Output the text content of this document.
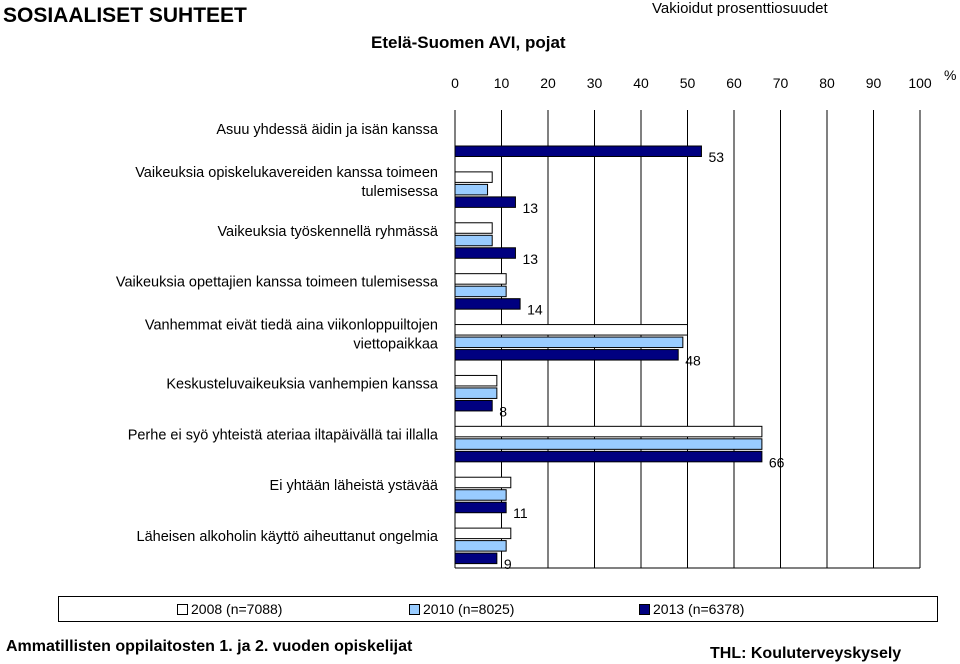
SOSIAALISET SUHTEET
Etelä-Suomen AVI, pojat
Vakioidut prosenttiosuudet
0 10 20 30 40 50 60 70 80 90 100 %
53
Asuu yhdessä äidin ja isän kanssa
13
Vaikeuksia opiskelukavereiden kanssa toimeen
tulemisessa
13
Vaikeuksia työskennellä ryhmässä
14
Vaikeuksia opettajien kanssa toimeen tulemisessa
48
Vanhemmat eivät tiedä aina viikonloppuiltojen
viettopaikkaa
8
Keskusteluvaikeuksia vanhempien kanssa
66
Perhe ei syö yhteistä ateriaa iltapäivällä tai illalla
11
Ei yhtään läheistä ystävää
9
Läheisen alkoholin käyttö aiheuttanut ongelmia
2008 (n=7088)	2010 (n=8025)	2013 (n=6378)
Ammatillisten oppilaitosten 1. ja 2. vuoden opiskelijat	THL: Kouluterveyskysely
